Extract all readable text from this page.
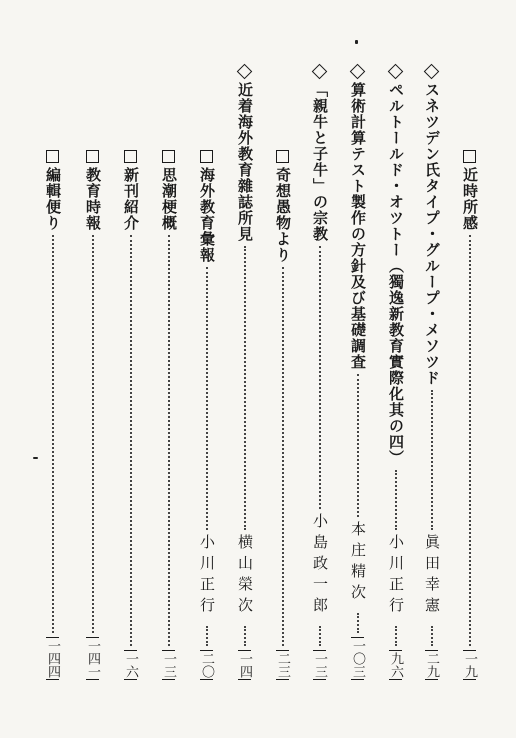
近時所感
一九
スネツデン氏タイプ・グループ・メソツド
眞田幸憲
二九
ペルトールド・オツトー（獨逸新教育實際化其の四）
小川正行
九六
算術計算テスト製作の方針及び基礎調査
本庄精次
一〇三
「親牛と子牛」の宗教
小島政一郎
一三
奇想愚物より
二三
近着海外教育雜誌所見
横山榮次
一四
海外教育彙報
小川正行
二〇
思潮梗概
一三
新刊紹介
一六
教育時報
一四一
編輯便り
一四四
